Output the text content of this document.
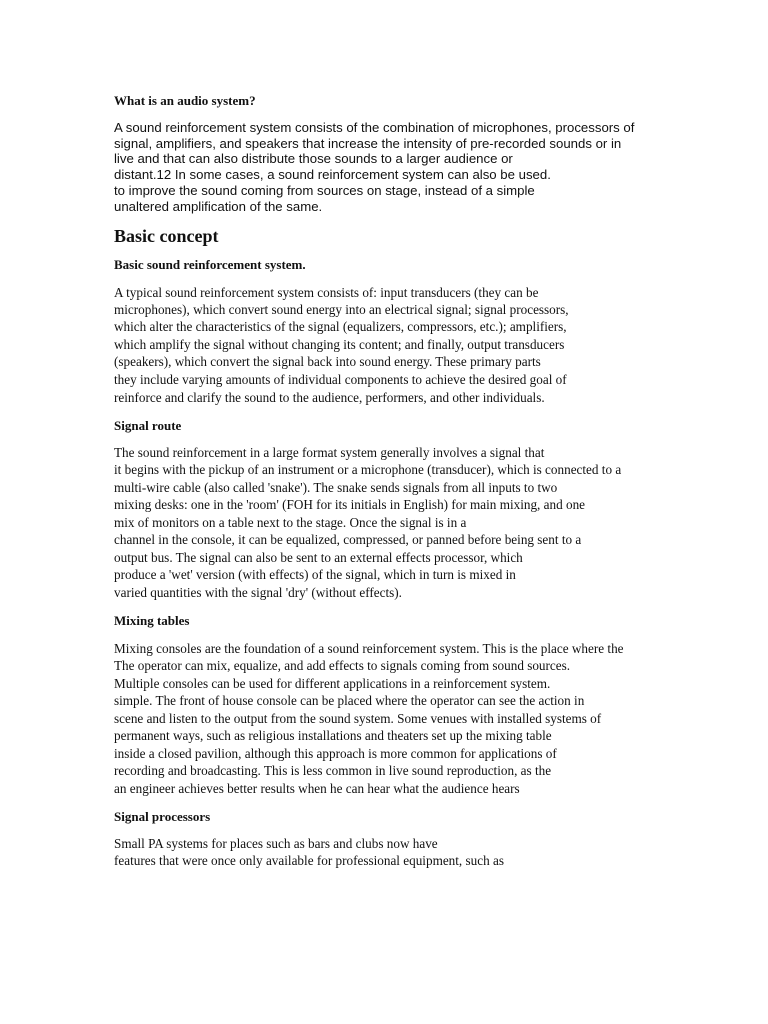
What is an audio system?
A sound reinforcement system consists of the combination of microphones, processors of
signal, amplifiers, and speakers that increase the intensity of pre-recorded sounds or in
live and that can also distribute those sounds to a larger audience or
distant.12 In some cases, a sound reinforcement system can also be used.
to improve the sound coming from sources on stage, instead of a simple
unaltered amplification of the same.
Basic concept
Basic sound reinforcement system.
A typical sound reinforcement system consists of: input transducers (they can be
microphones), which convert sound energy into an electrical signal; signal processors,
which alter the characteristics of the signal (equalizers, compressors, etc.); amplifiers,
which amplify the signal without changing its content; and finally, output transducers
(speakers), which convert the signal back into sound energy. These primary parts
they include varying amounts of individual components to achieve the desired goal of
reinforce and clarify the sound to the audience, performers, and other individuals.
Signal route
The sound reinforcement in a large format system generally involves a signal that
it begins with the pickup of an instrument or a microphone (transducer), which is connected to a
multi-wire cable (also called 'snake'). The snake sends signals from all inputs to two
mixing desks: one in the 'room' (FOH for its initials in English) for main mixing, and one
mix of monitors on a table next to the stage. Once the signal is in a
channel in the console, it can be equalized, compressed, or panned before being sent to a
output bus. The signal can also be sent to an external effects processor, which
produce a 'wet' version (with effects) of the signal, which in turn is mixed in
varied quantities with the signal 'dry' (without effects).
Mixing tables
Mixing consoles are the foundation of a sound reinforcement system. This is the place where the
The operator can mix, equalize, and add effects to signals coming from sound sources.
Multiple consoles can be used for different applications in a reinforcement system.
simple. The front of house console can be placed where the operator can see the action in
scene and listen to the output from the sound system. Some venues with installed systems of
permanent ways, such as religious installations and theaters set up the mixing table
inside a closed pavilion, although this approach is more common for applications of
recording and broadcasting. This is less common in live sound reproduction, as the
an engineer achieves better results when he can hear what the audience hears
Signal processors
Small PA systems for places such as bars and clubs now have
features that were once only available for professional equipment, such as
